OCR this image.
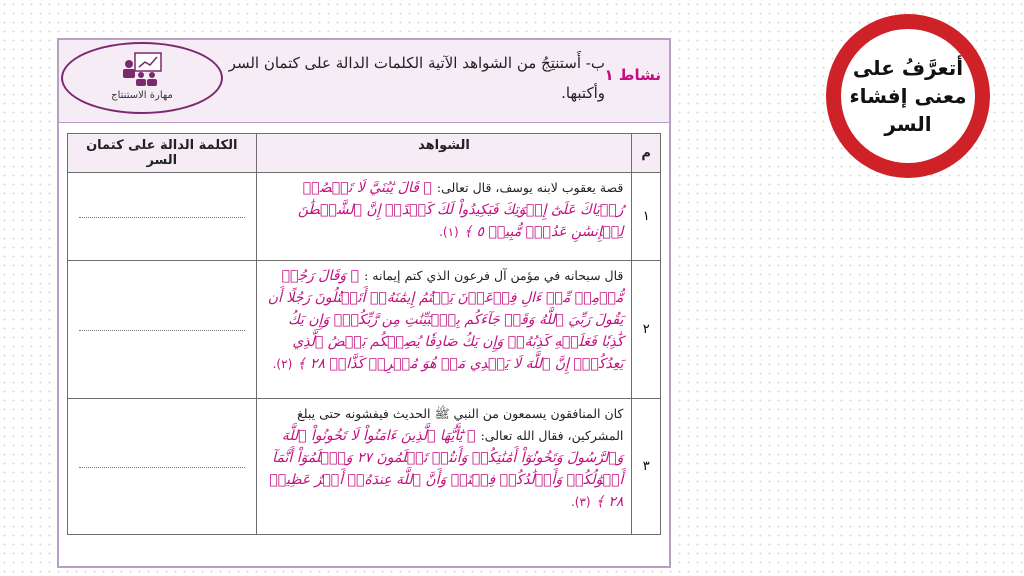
نشاط ١
ب- أَستنتِجُ من الشواهد الآتية الكلمات الدالة على كتمان السر وأكتبها.
مهارة الاستنتاج
م	الشواهد	الكلمة الدالة على كتمان السر
١	قصة يعقوب لابنه يوسف، قال تعالى: ﴿ قَالَ يَٰبُنَيَّ لَا تَقۡصُصۡ رُءۡيَاكَ عَلَىٰٓ إِخۡوَتِكَ فَيَكِيدُواْ لَكَ كَيۡدًاۖ إِنَّ ٱلشَّيۡطَٰنَ لِلۡإِنسَٰنِ عَدُوّٞ مُّبِينٞ ٥ ﴾ (١).	

٢	قال سبحانه في مؤمن آل فرعون الذي كتم إيمانه : ﴿ وَقَالَ رَجُلٞ مُّؤۡمِنٞ مِّنۡ ءَالِ فِرۡعَوۡنَ يَكۡتُمُ إِيمَٰنَهُۥٓ أَتَقۡتُلُونَ رَجُلًا أَن يَقُولَ رَبِّيَ ٱللَّهُ وَقَدۡ جَآءَكُم بِٱلۡبَيِّنَٰتِ مِن رَّبِّكُمۡۖ وَإِن يَكُ كَٰذِبٗا فَعَلَيۡهِ كَذِبُهُۥۖ وَإِن يَكُ صَادِقٗا يُصِبۡكُم بَعۡضُ ٱلَّذِي يَعِدُكُمۡۖ إِنَّ ٱللَّهَ لَا يَهۡدِي مَنۡ هُوَ مُسۡرِفٞ كَذَّابٞ ٢٨ ﴾ (٢).	

٣	كان المنافقون يسمعون من النبي ﷺ الحديث فيفشونه حتى يبلغ المشركين، فقال الله تعالى: ﴿ يَٰٓأَيُّهَا ٱلَّذِينَ ءَامَنُواْ لَا تَخُونُواْ ٱللَّهَ وَٱلرَّسُولَ وَتَخُونُوٓاْ أَمَٰنَٰتِكُمۡ وَأَنتُمۡ تَعۡلَمُونَ ٢٧ وَٱعۡلَمُوٓاْ أَنَّمَآ أَمۡوَٰلُكُمۡ وَأَوۡلَٰدُكُمۡ فِتۡنَةٞ وَأَنَّ ٱللَّهَ عِندَهُۥٓ أَجۡرٌ عَظِيمٞ ٢٨ ﴾ (٣).	
أتعرَّفُ على معنى إفشاء السر
